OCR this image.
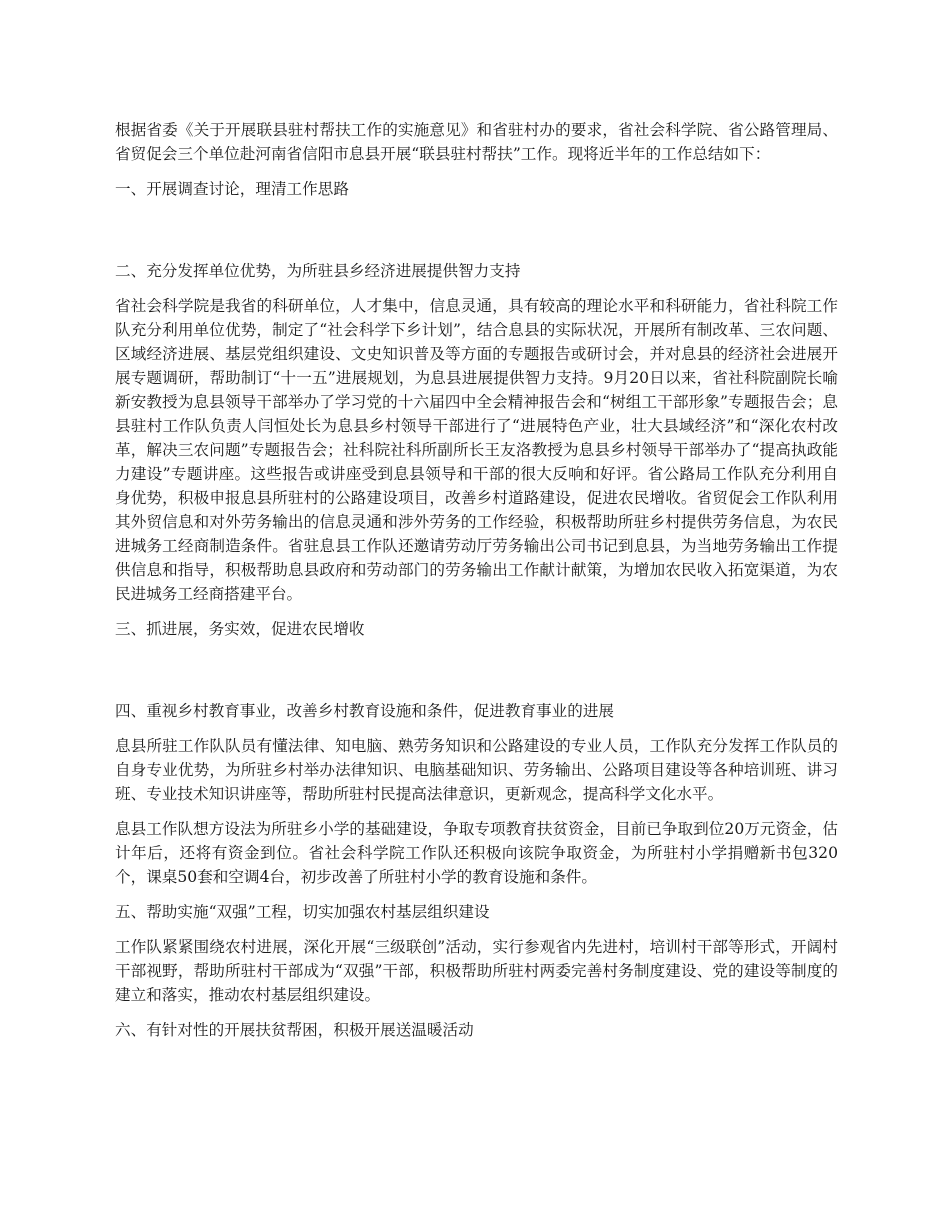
根据省委《关于开展联县驻村帮扶工作的实施意见》和省驻村办的要求，省社会科学院、省公路管理局、省贸促会三个单位赴河南省信阳市息县开展“联县驻村帮扶”工作。现将近半年的工作总结如下：

一、开展调查讨论，理清工作思路

二、充分发挥单位优势，为所驻县乡经济进展提供智力支持

省社会科学院是我省的科研单位，人才集中，信息灵通，具有较高的理论水平和科研能力，省社科院工作队充分利用单位优势，制定了“社会科学下乡计划”，结合息县的实际状况，开展所有制改革、三农问题、区域经济进展、基层党组织建设、文史知识普及等方面的专题报告或研讨会，并对息县的经济社会进展开展专题调研，帮助制订“十一五”进展规划，为息县进展提供智力支持。9月20日以来，省社科院副院长喻新安教授为息县领导干部举办了学习党的十六届四中全会精神报告会和“树组工干部形象”专题报告会；息县驻村工作队负责人闫恒处长为息县乡村领导干部进行了“进展特色产业，壮大县域经济”和“深化农村改革，解决三农问题”专题报告会；社科院社科所副所长王友洛教授为息县乡村领导干部举办了“提高执政能力建设”专题讲座。这些报告或讲座受到息县领导和干部的很大反响和好评。省公路局工作队充分利用自身优势，积极申报息县所驻村的公路建设项目，改善乡村道路建设，促进农民增收。省贸促会工作队利用其外贸信息和对外劳务输出的信息灵通和涉外劳务的工作经验，积极帮助所驻乡村提供劳务信息，为农民进城务工经商制造条件。省驻息县工作队还邀请劳动厅劳务输出公司书记到息县，为当地劳务输出工作提供信息和指导，积极帮助息县政府和劳动部门的劳务输出工作献计献策，为增加农民收入拓宽渠道，为农民进城务工经商搭建平台。

三、抓进展，务实效，促进农民增收

四、重视乡村教育事业，改善乡村教育设施和条件，促进教育事业的进展

息县所驻工作队队员有懂法律、知电脑、熟劳务知识和公路建设的专业人员，工作队充分发挥工作队员的自身专业优势，为所驻乡村举办法律知识、电脑基础知识、劳务输出、公路项目建设等各种培训班、讲习班、专业技术知识讲座等，帮助所驻村民提高法律意识，更新观念，提高科学文化水平。

息县工作队想方设法为所驻乡小学的基础建设，争取专项教育扶贫资金，目前已争取到位20万元资金，估计年后，还将有资金到位。省社会科学院工作队还积极向该院争取资金，为所驻村小学捐赠新书包320个，课桌50套和空调4台，初步改善了所驻村小学的教育设施和条件。

五、帮助实施“双强”工程，切实加强农村基层组织建设

工作队紧紧围绕农村进展，深化开展“三级联创”活动，实行参观省内先进村，培训村干部等形式，开阔村干部视野，帮助所驻村干部成为“双强”干部，积极帮助所驻村两委完善村务制度建设、党的建设等制度的建立和落实，推动农村基层组织建设。

六、有针对性的开展扶贫帮困，积极开展送温暖活动
